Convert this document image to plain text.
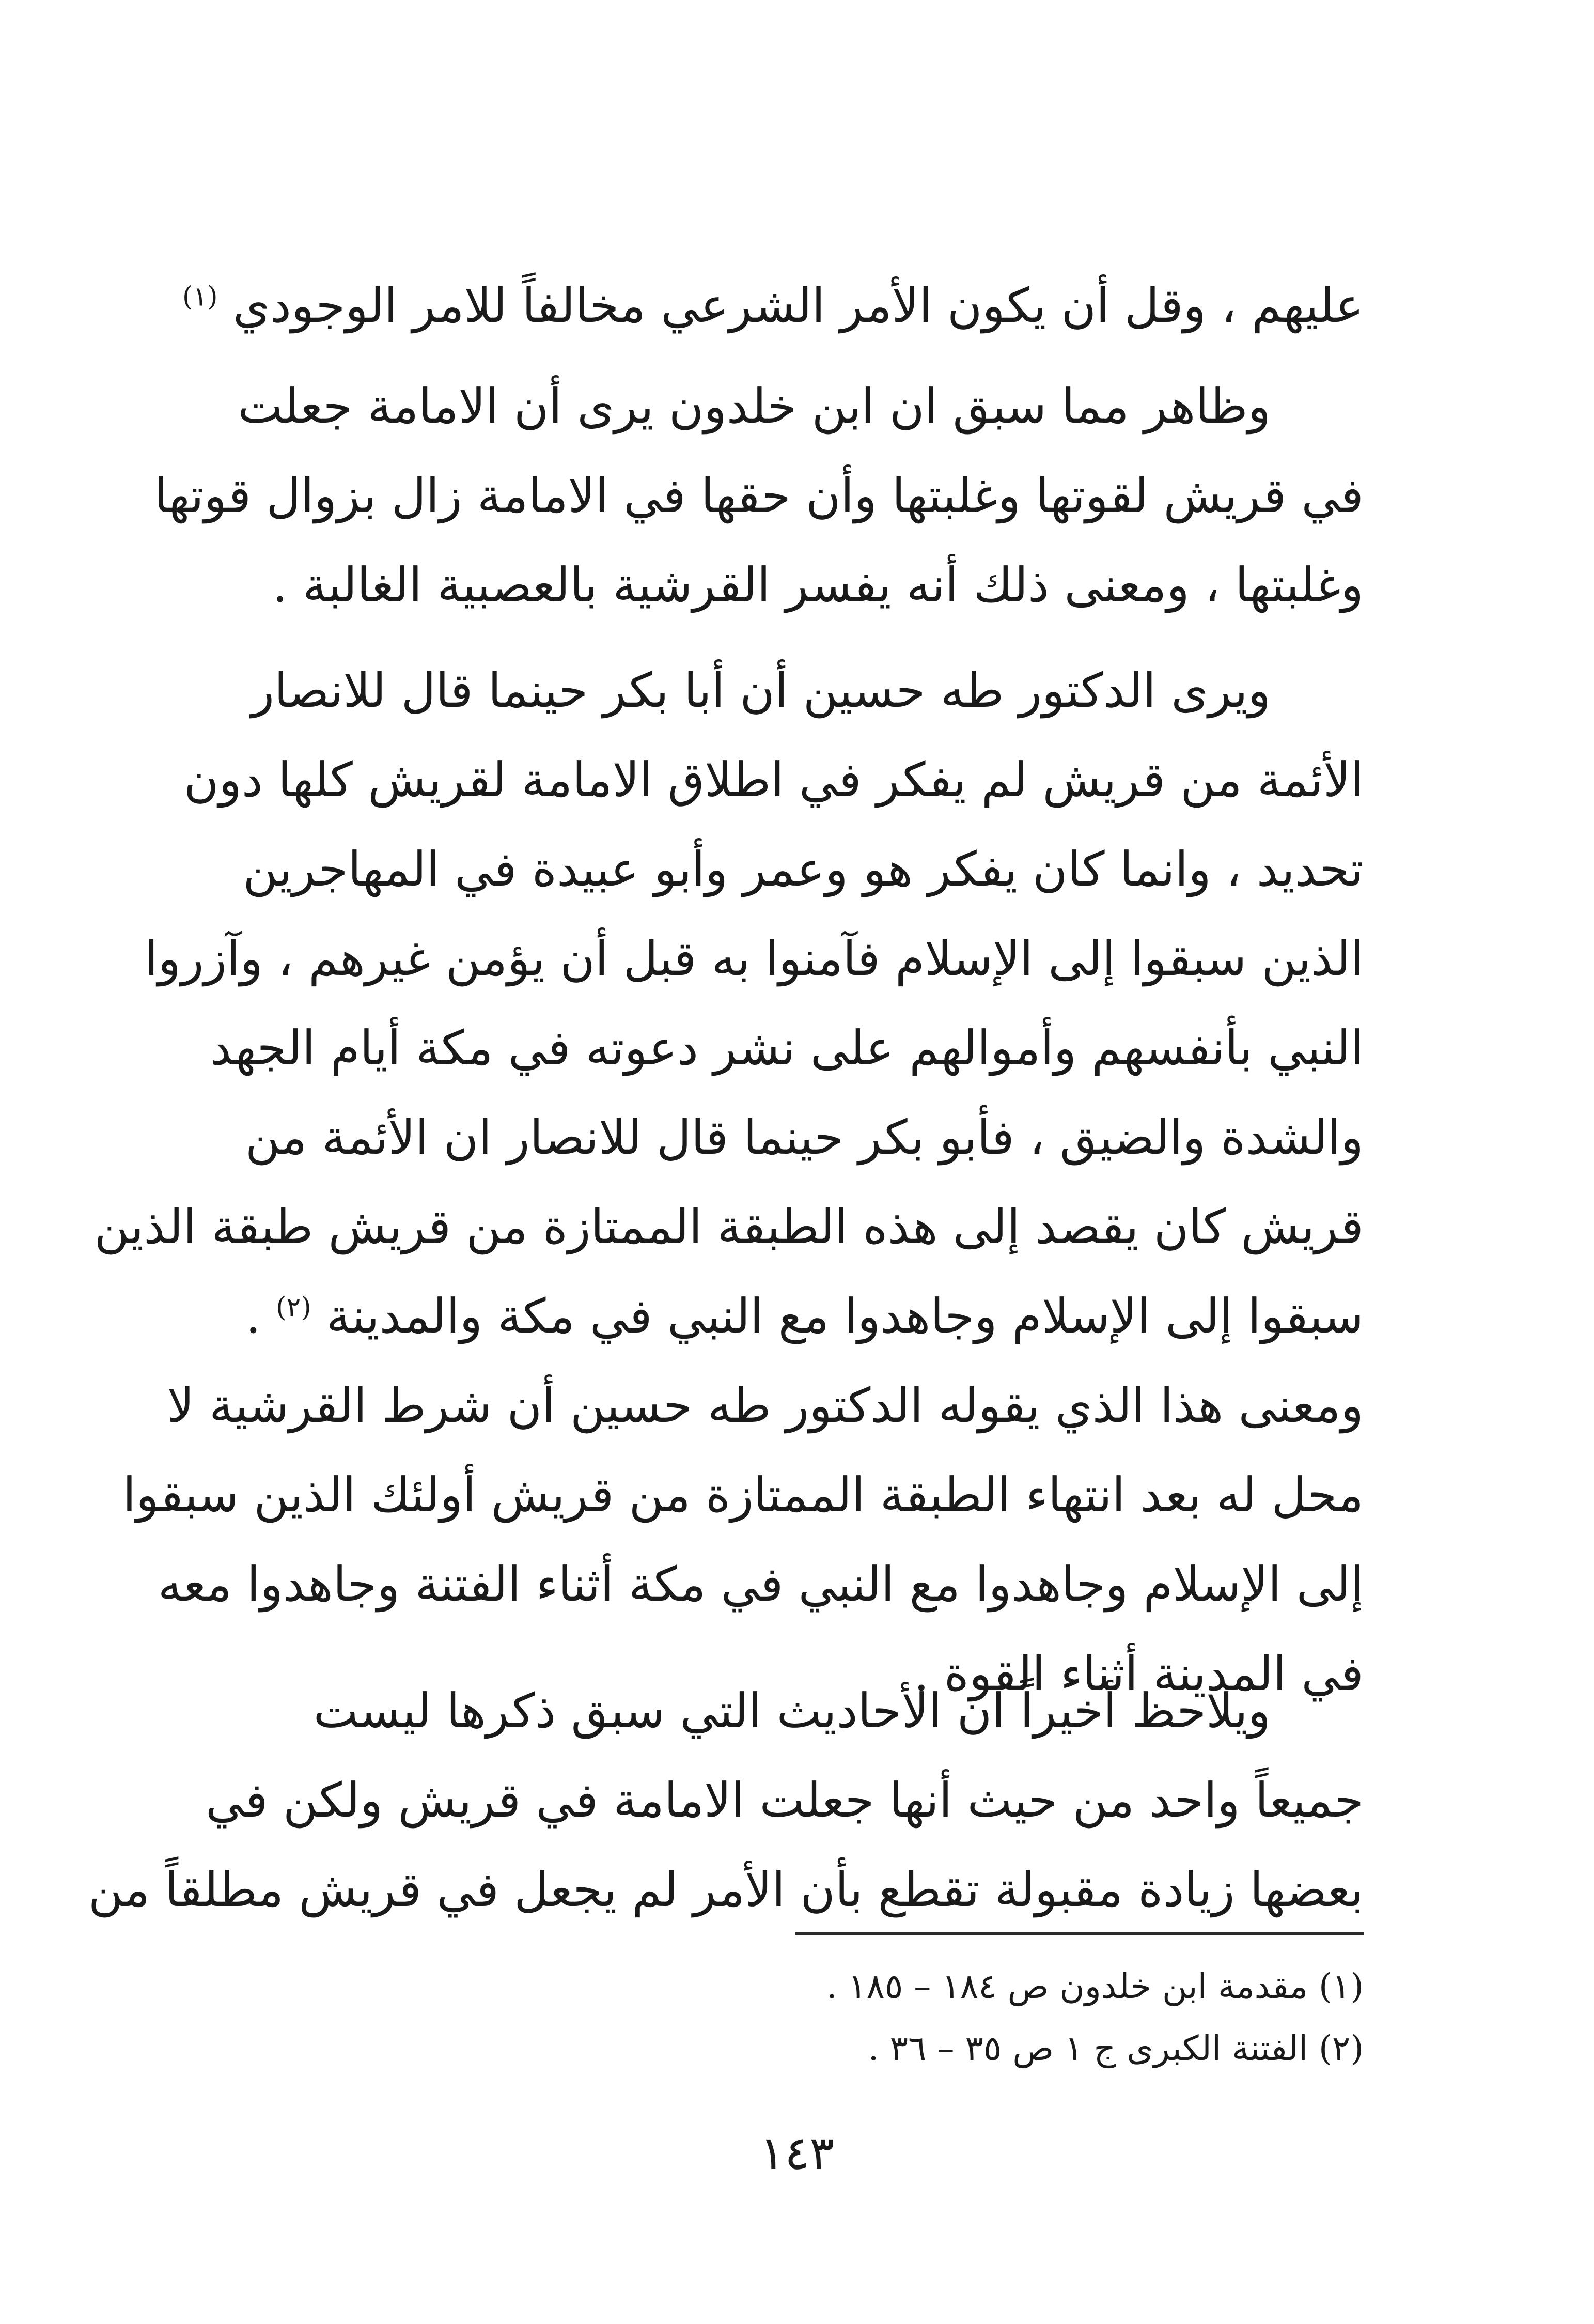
عليهم ، وقل أن يكون الأمر الشرعي مخالفاً للامر الوجودي $^{(١)}$
وظاهر مما سبق ان ابن خلدون يرى أن الامامة جعلت
في قريش لقوتها وغلبتها وأن حقها في الامامة زال بزوال قوتها
وغلبتها ، ومعنى ذلك أنه يفسر القرشية بالعصبية الغالبة .
ويرى الدكتور طه حسين أن أبا بكر حينما قال للانصار
الأئمة من قريش لم يفكر في اطلاق الامامة لقريش كلها دون
تحديد ، وانما كان يفكر هو وعمر وأبو عبيدة في المهاجرين
الذين سبقوا إلى الإسلام فآمنوا به قبل أن يؤمن غيرهم ، وآزروا
النبي بأنفسهم وأموالهم على نشر دعوته في مكة أيام الجهد
والشدة والضيق ، فأبو بكر حينما قال للانصار ان الأئمة من
قريش كان يقصد إلى هذه الطبقة الممتازة من قريش طبقة الذين
سبقوا إلى الإسلام وجاهدوا مع النبي في مكة والمدينة $^{(٢)}$ .
ومعنى هذا الذي يقوله الدكتور طه حسين أن شرط القرشية لا
محل له بعد انتهاء الطبقة الممتازة من قريش أولئك الذين سبقوا
إلى الإسلام وجاهدوا مع النبي في مكة أثناء الفتنة وجاهدوا معه
في المدينة أثناء القوة .
ويلاحظ أخيراً ان الأحاديث التي سبق ذكرها ليست
جميعاً واحد من حيث أنها جعلت الامامة في قريش ولكن في
بعضها زيادة مقبولة تقطع بأن الأمر لم يجعل في قريش مطلقاً من
(١) مقدمة ابن خلدون ص ١٨٤ – ١٨٥ .
(٢) الفتنة الكبرى ج ١ ص ٣٥ – ٣٦ .
١٤٣
